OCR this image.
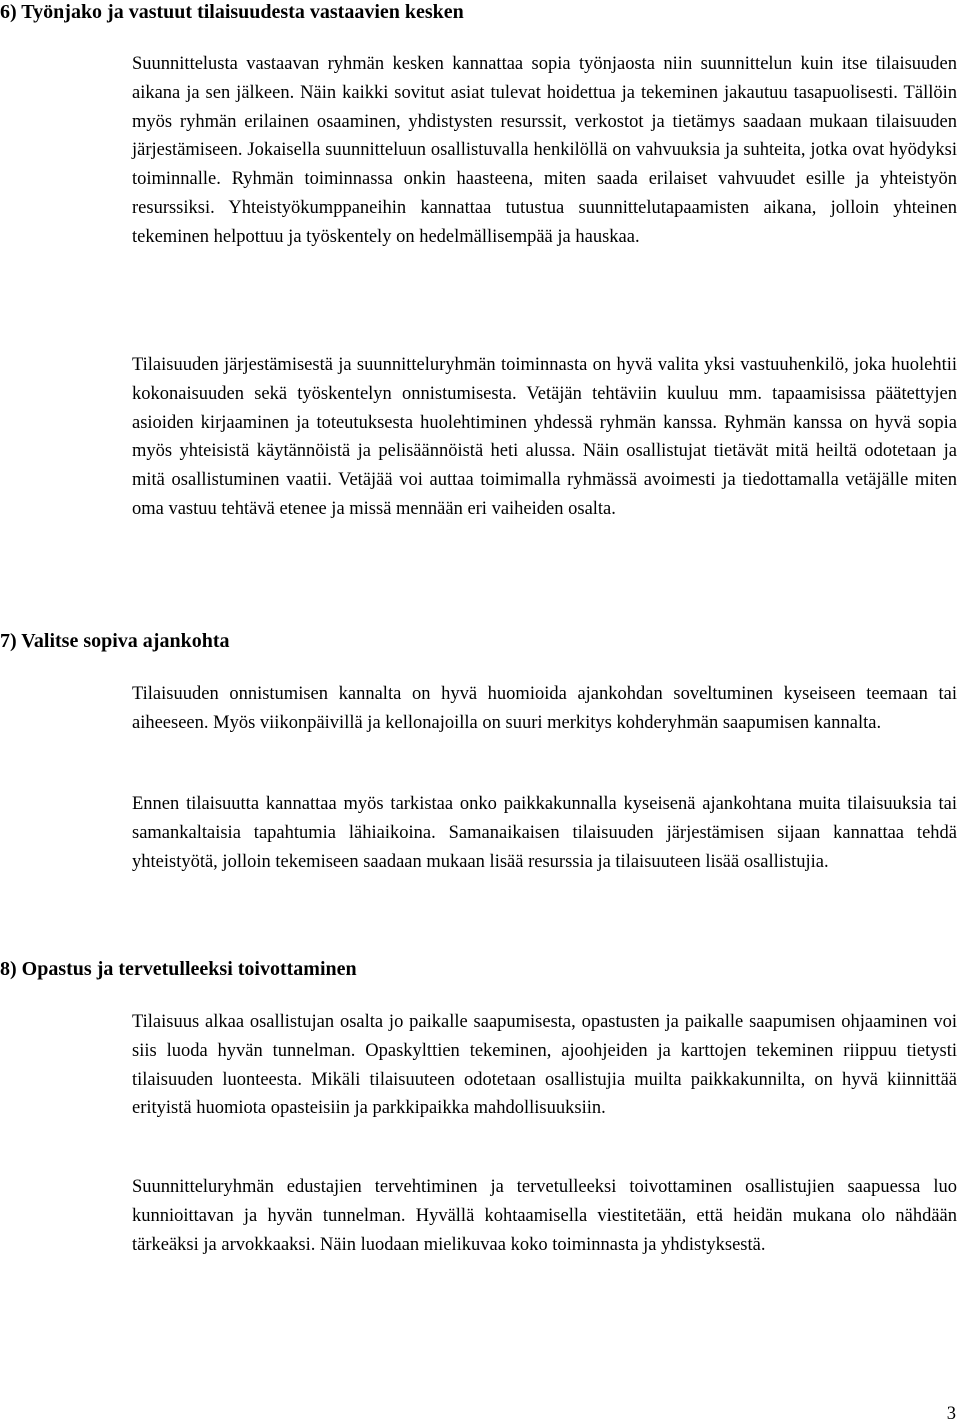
6) Työnjako ja vastuut tilaisuudesta vastaavien kesken

Suunnittelusta vastaavan ryhmän kesken kannattaa sopia työnjaosta niin suunnittelun kuin itse tilaisuuden aikana ja sen jälkeen. Näin kaikki sovitut asiat tulevat hoidettua ja tekeminen jakautuu tasapuolisesti. Tällöin myös ryhmän erilainen osaaminen, yhdistysten resurssit, verkostot ja tietämys saadaan mukaan tilaisuuden järjestämiseen. Jokaisella suunnitteluun osallistuvalla henkilöllä on vahvuuksia ja suhteita, jotka ovat hyödyksi toiminnalle. Ryhmän toiminnassa onkin haasteena, miten saada erilaiset vahvuudet esille ja yhteistyön resurssiksi. Yhteistyökumppaneihin kannattaa tutustua suunnittelutapaamisten aikana, jolloin yhteinen tekeminen helpottuu ja työskentely on hedelmällisempää ja hauskaa.

Tilaisuuden järjestämisestä ja suunnitteluryhmän toiminnasta on hyvä valita yksi vastuuhenkilö, joka huolehtii kokonaisuuden sekä työskentelyn onnistumisesta. Vetäjän tehtäviin kuuluu mm. tapaamisissa päätettyjen asioiden kirjaaminen ja toteutuksesta huolehtiminen yhdessä ryhmän kanssa. Ryhmän kanssa on hyvä sopia myös yhteisistä käytännöistä ja pelisäännöistä heti alussa. Näin osallistujat tietävät mitä heiltä odotetaan ja mitä osallistuminen vaatii. Vetäjää voi auttaa toimimalla ryhmässä avoimesti ja tiedottamalla vetäjälle miten oma vastuu tehtävä etenee ja missä mennään eri vaiheiden osalta.

7) Valitse sopiva ajankohta

Tilaisuuden onnistumisen kannalta on hyvä huomioida ajankohdan soveltuminen kyseiseen teemaan tai aiheeseen. Myös viikonpäivillä ja kellonajoilla on suuri merkitys kohderyhmän saapumisen kannalta.

Ennen tilaisuutta kannattaa myös tarkistaa onko paikkakunnalla kyseisenä ajankohtana muita tilaisuuksia tai samankaltaisia tapahtumia lähiaikoina. Samanaikaisen tilaisuuden järjestämisen sijaan kannattaa tehdä yhteistyötä, jolloin tekemiseen saadaan mukaan lisää resurssia ja tilaisuuteen lisää osallistujia.

8) Opastus ja tervetulleeksi toivottaminen

Tilaisuus alkaa osallistujan osalta jo paikalle saapumisesta, opastusten ja paikalle saapumisen ohjaaminen voi siis luoda hyvän tunnelman. Opaskylttien tekeminen, ajoohjeiden ja karttojen tekeminen riippuu tietysti tilaisuuden luonteesta. Mikäli tilaisuuteen odotetaan osallistujia muilta paikkakunnilta, on hyvä kiinnittää erityistä huomiota opasteisiin ja parkkipaikka mahdollisuuksiin.

Suunnitteluryhmän edustajien tervehtiminen ja tervetulleeksi toivottaminen osallistujien saapuessa luo kunnioittavan ja hyvän tunnelman. Hyvällä kohtaamisella viestitetään, että heidän mukana olo nähdään tärkeäksi ja arvokkaaksi. Näin luodaan mielikuvaa koko toiminnasta ja yhdistyksestä.

3
